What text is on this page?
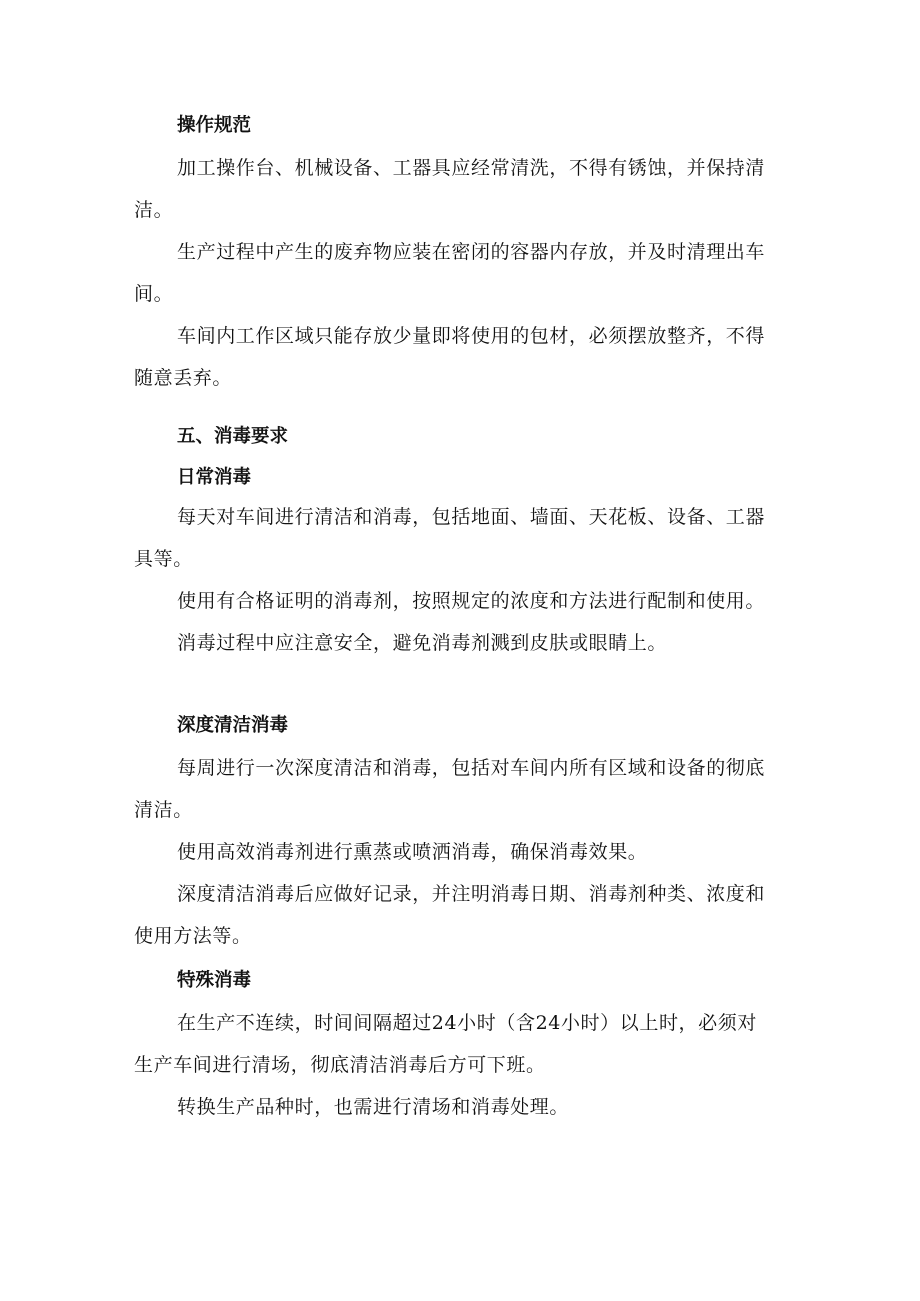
操作规范

加工操作台、机械设备、工器具应经常清洗，不得有锈蚀，并保持清洁。

生产过程中产生的废弃物应装在密闭的容器内存放，并及时清理出车间。

车间内工作区域只能存放少量即将使用的包材，必须摆放整齐，不得随意丢弃。

五、消毒要求

日常消毒

每天对车间进行清洁和消毒，包括地面、墙面、天花板、设备、工器具等。

使用有合格证明的消毒剂，按照规定的浓度和方法进行配制和使用。

消毒过程中应注意安全，避免消毒剂溅到皮肤或眼睛上。

深度清洁消毒

每周进行一次深度清洁和消毒，包括对车间内所有区域和设备的彻底清洁。

使用高效消毒剂进行熏蒸或喷洒消毒，确保消毒效果。

深度清洁消毒后应做好记录，并注明消毒日期、消毒剂种类、浓度和使用方法等。

特殊消毒

在生产不连续，时间间隔超过24小时（含24小时）以上时，必须对生产车间进行清场，彻底清洁消毒后方可下班。

转换生产品种时，也需进行清场和消毒处理。
